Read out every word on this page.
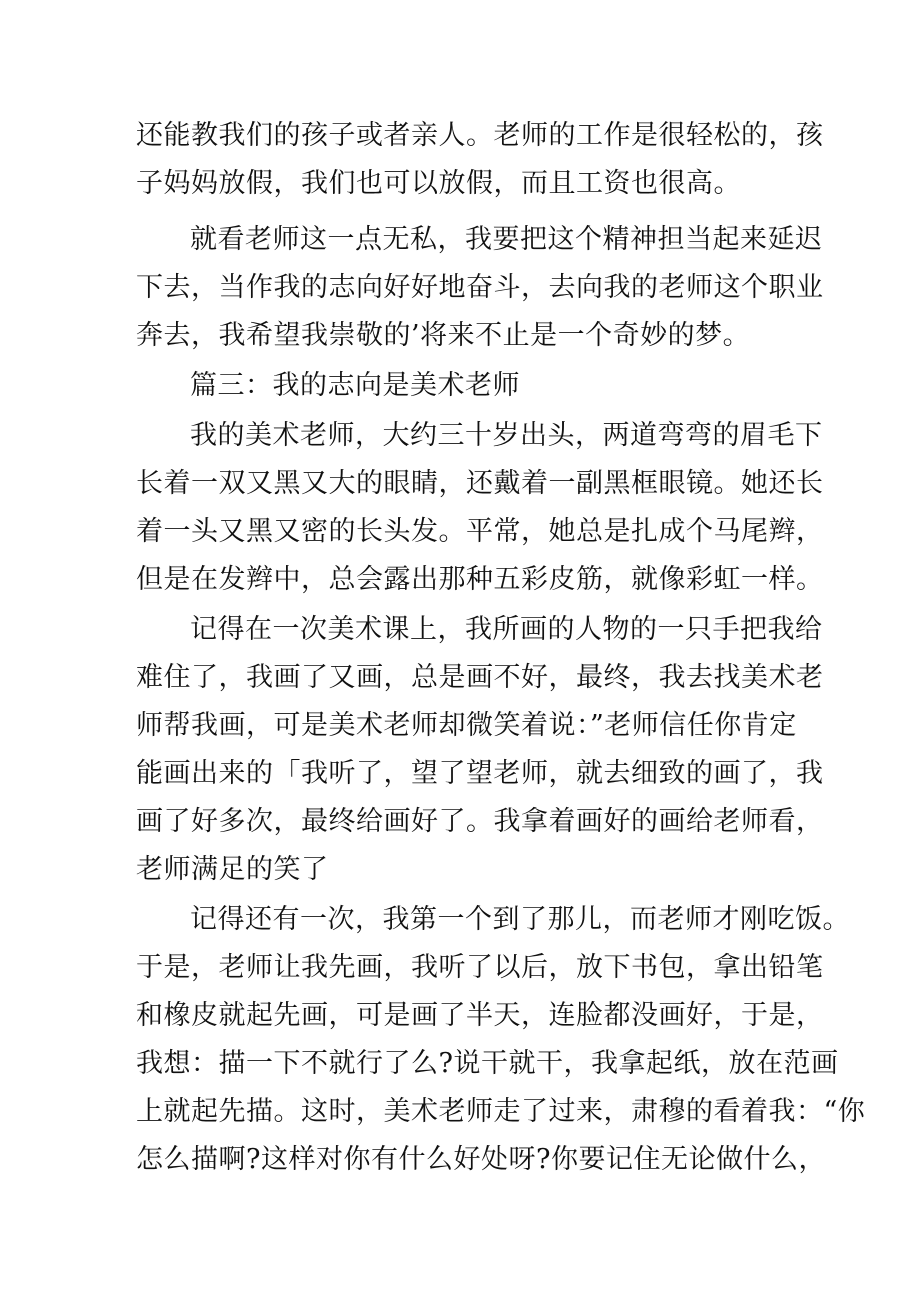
还能教我们的孩子或者亲人。老师的工作是很轻松的，孩
子妈妈放假，我们也可以放假，而且工资也很高。
就看老师这一点无私，我要把这个精神担当起来延迟
下去，当作我的志向好好地奋斗，去向我的老师这个职业
奔去，我希望我崇敬的’将来不止是一个奇妙的梦。
篇三：我的志向是美术老师
我的美术老师，大约三十岁出头，两道弯弯的眉毛下
长着一双又黑又大的眼睛，还戴着一副黑框眼镜。她还长
着一头又黑又密的长头发。平常，她总是扎成个马尾辫，
但是在发辫中，总会露出那种五彩皮筋，就像彩虹一样。
记得在一次美术课上，我所画的人物的一只手把我给
难住了，我画了又画，总是画不好，最终，我去找美术老
师帮我画，可是美术老师却微笑着说：”老师信任你肯定
能画出来的「我听了，望了望老师，就去细致的画了，我
画了好多次，最终给画好了。我拿着画好的画给老师看，
老师满足的笑了
记得还有一次，我第一个到了那儿，而老师才刚吃饭。
于是，老师让我先画，我听了以后，放下书包，拿出铅笔
和橡皮就起先画，可是画了半天，连脸都没画好，于是，
我想：描一下不就行了么?说干就干，我拿起纸，放在范画
上就起先描。这时，美术老师走了过来，肃穆的看着我：“你
怎么描啊?这样对你有什么好处呀?你要记住无论做什么，
